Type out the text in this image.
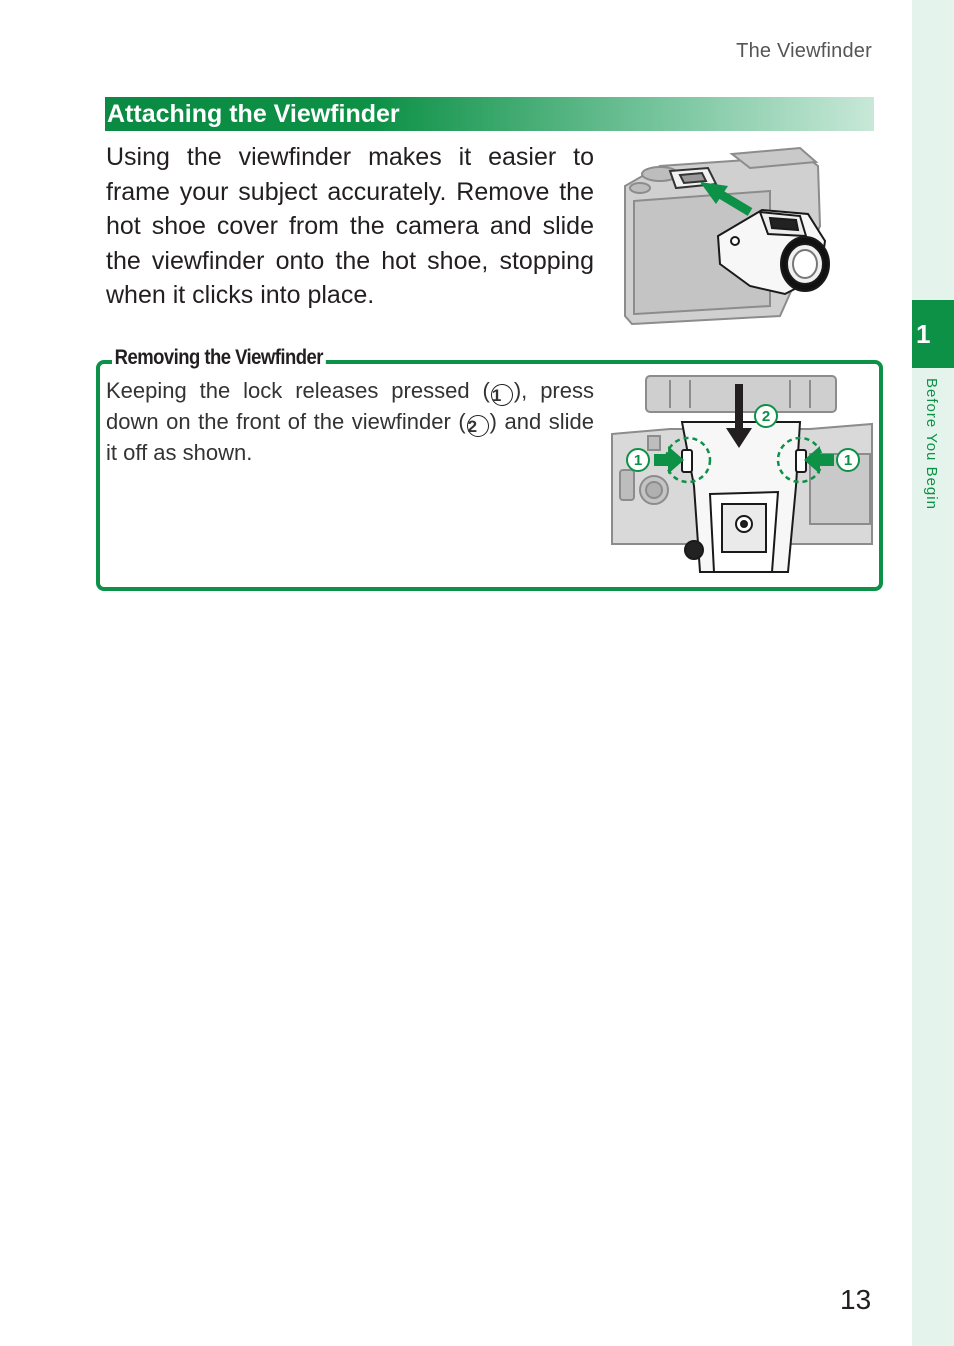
1
Before You Begin
The Viewfinder
Attaching the Viewfinder
Using the viewfinder makes it easier to frame your subject accurately. Remove the hot shoe cover from the camera and slide the viewfinder onto the hot shoe, stopping when it clicks into place.
Removing the Viewfinder
Keeping the lock releases pressed ( 1 ), press down on the front of the viewfinder ( 2 ) and slide it off as shown.	1	1
2
13
